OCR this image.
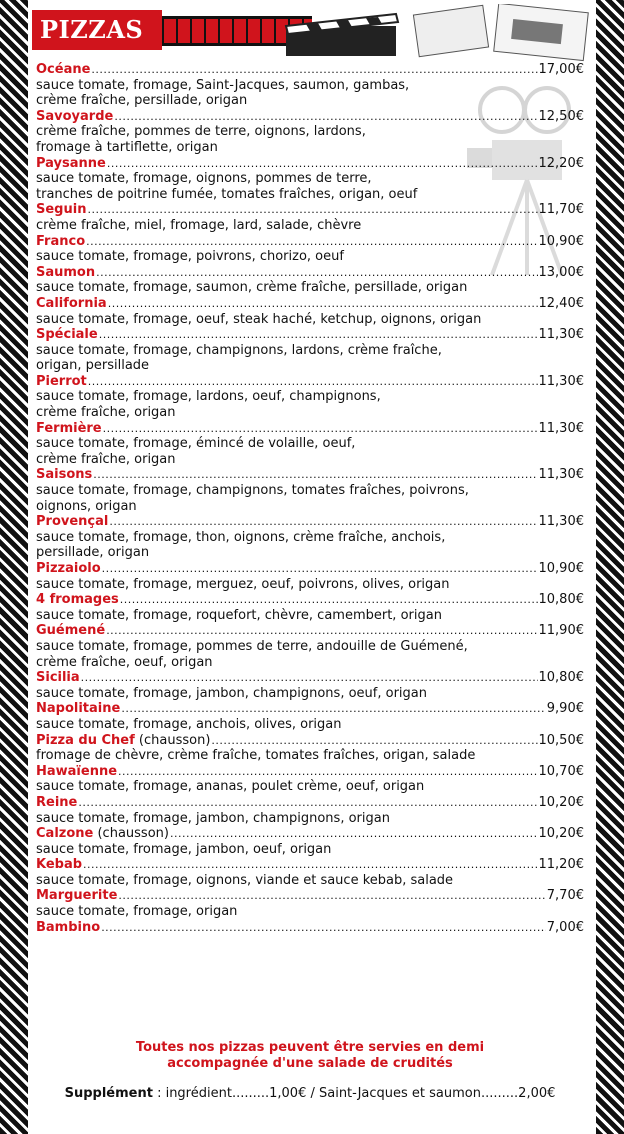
PIZZAS
Océane .....	17,00€
sauce tomate, fromage, Saint-Jacques, saumon, gambas,
crème fraîche, persillade, origan
Savoyarde .....	12,50€
crème fraîche, pommes de terre, oignons, lardons,
fromage à tartiflette, origan
Paysanne .....	12,20€
sauce tomate, fromage, oignons, pommes de terre,
tranches de poitrine fumée, tomates fraîches, origan, oeuf
Seguin .....	11,70€
crème fraîche, miel, fromage, lard, salade, chèvre
Franco .....	10,90€
sauce tomate, fromage, poivrons, chorizo, oeuf
Saumon .....	13,00€
sauce tomate, fromage, saumon, crème fraîche, persillade, origan
California .....	12,40€
sauce tomate, fromage, oeuf, steak haché, ketchup, oignons, origan
Spéciale .....	11,30€
sauce tomate, fromage, champignons, lardons, crème fraîche,
origan, persillade
Pierrot .....	11,30€
sauce tomate, fromage, lardons, oeuf, champignons,
crème fraîche, origan
Fermière .....	11,30€
sauce tomate, fromage, émincé de volaille, oeuf,
crème fraîche, origan
Saisons .....	11,30€
sauce tomate, fromage, champignons, tomates fraîches, poivrons,
oignons, origan
Provençal .....	11,30€
sauce tomate, fromage, thon, oignons, crème fraîche, anchois,
persillade, origan
Pizzaiolo .....	10,90€
sauce tomate, fromage, merguez, oeuf, poivrons, olives, origan
4 fromages .....	10,80€
sauce tomate, fromage, roquefort, chèvre, camembert, origan
Guémené .....	11,90€
sauce tomate, fromage, pommes de terre, andouille de Guémené,
crème fraîche, oeuf, origan
Sicilia .....	10,80€
sauce tomate, fromage, jambon, champignons, oeuf, origan
Napolitaine .....	9,90€
sauce tomate, fromage, anchois, olives, origan
Pizza du Chef
(chausson) .....	10,50€
fromage de chèvre, crème fraîche, tomates fraîches, origan, salade
Hawaïenne .....	10,70€
sauce tomate, fromage, ananas, poulet crème, oeuf, origan
Reine .....	10,20€
sauce tomate, fromage, jambon, champignons, origan
Calzone
(chausson) .....	10,20€
sauce tomate, fromage, jambon, oeuf, origan
Kebab .....	11,20€
sauce tomate, fromage, oignons, viande et sauce kebab, salade
Marguerite .....	7,70€
sauce tomate, fromage, origan
Bambino .....	7,00€
Toutes nos pizzas peuvent être servies en demi
accompagnée d'une salade de crudités
Supplément : ingrédient.........1,00€ / Saint-Jacques et saumon.........2,00€
